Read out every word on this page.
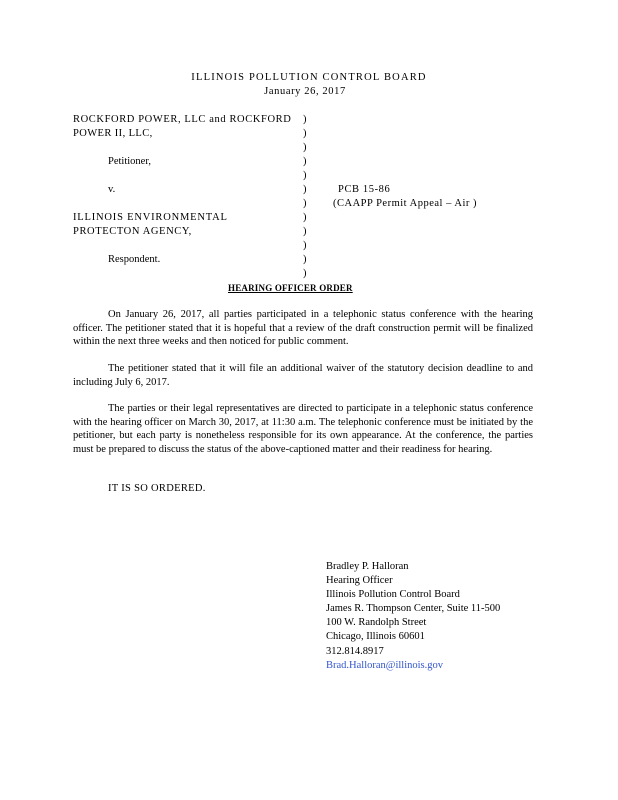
ILLINOIS POLLUTION CONTROL BOARD
January 26, 2017
ROCKFORD POWER, LLC and ROCKFORD
POWER II, LLC,
Petitioner,
v.
ILLINOIS ENVIRONMENTAL
PROTECTON AGENCY,
Respondent.
)
)
)
)
)
)
)
)
)
)
)
)
PCB 15-86
(CAAPP Permit Appeal – Air )
HEARING OFFICER ORDER
On January 26, 2017, all parties participated in a telephonic status conference with the hearing officer. The petitioner stated that it is hopeful that a review of the draft construction permit will be finalized within the next three weeks and then noticed for public comment.
The petitioner stated that it will file an additional waiver of the statutory decision deadline to and including July 6, 2017.
The parties or their legal representatives are directed to participate in a telephonic status conference with the hearing officer on March 30, 2017, at 11:30 a.m. The telephonic conference must be initiated by the petitioner, but each party is nonetheless responsible for its own appearance. At the conference, the parties must be prepared to discuss the status of the above-captioned matter and their readiness for hearing.
IT IS SO ORDERED.
Bradley P. Halloran
Hearing Officer
Illinois Pollution Control Board
James R. Thompson Center, Suite 11-500
100 W. Randolph Street
Chicago, Illinois 60601
312.814.8917
Brad.Halloran@illinois.gov
